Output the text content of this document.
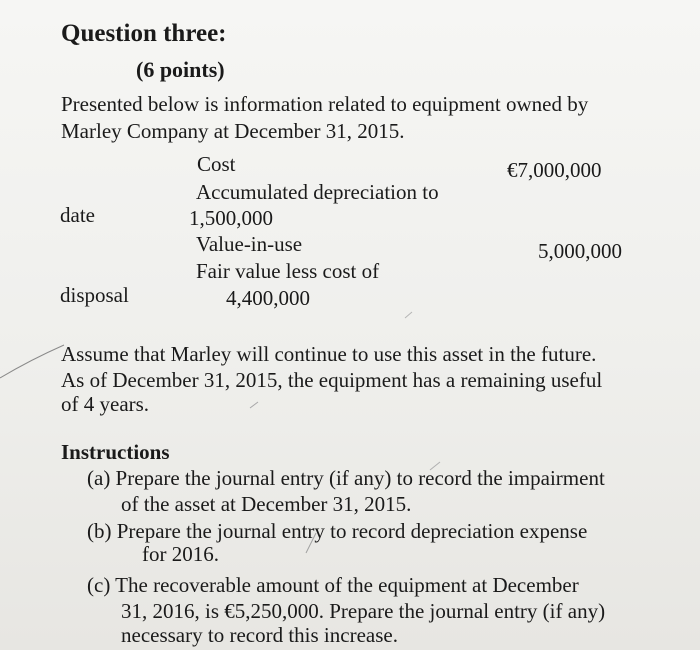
Question three:
(6 points)
Presented below is information related to equipment owned by
Marley Company at December 31, 2015.
Cost	€7,000,000
Accumulated depreciation to
date	1,500,000
Value-in-use	5,000,000
Fair value less cost of
disposal	4,400,000
Assume that Marley will continue to use this asset in the future.
As of December 31, 2015, the equipment has a remaining useful
of 4 years.
Instructions
(a) Prepare the journal entry (if any) to record the impairment
of the asset at December 31, 2015.
(b) Prepare the journal entry to record depreciation expense
for 2016.
(c) The recoverable amount of the equipment at December
31, 2016, is €5,250,000. Prepare the journal entry (if any)
necessary to record this increase.
